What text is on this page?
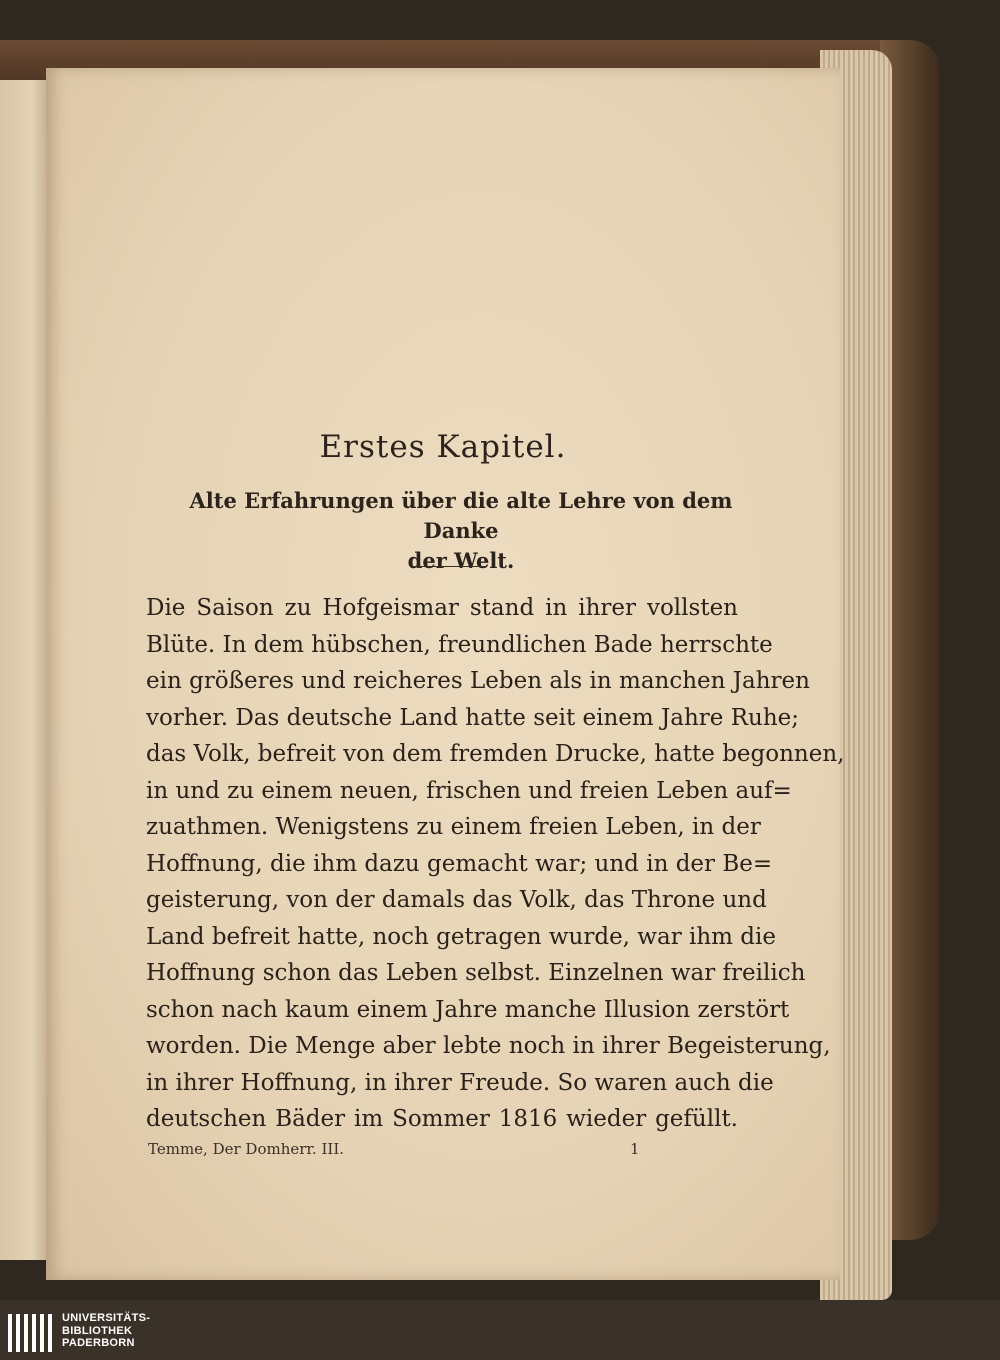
Erstes Kapitel.
Alte Erfahrungen über die alte Lehre von dem Danke
der Welt.
Die Saison zu Hofgeismar stand in ihrer vollsten
Blüte. In dem hübschen, freundlichen Bade herrschte
ein größeres und reicheres Leben als in manchen Jahren
vorher. Das deutsche Land hatte seit einem Jahre Ruhe;
das Volk, befreit von dem fremden Drucke, hatte begonnen,
in und zu einem neuen, frischen und freien Leben auf=
zuathmen. Wenigstens zu einem freien Leben, in der
Hoffnung, die ihm dazu gemacht war; und in der Be=
geisterung, von der damals das Volk, das Throne und
Land befreit hatte, noch getragen wurde, war ihm die
Hoffnung schon das Leben selbst. Einzelnen war freilich
schon nach kaum einem Jahre manche Illusion zerstört
worden. Die Menge aber lebte noch in ihrer Begeisterung,
in ihrer Hoffnung, in ihrer Freude. So waren auch die
deutschen Bäder im Sommer 1816 wieder gefüllt.
Temme, Der Domherr. III.	1
UNIVERSITÄTS-
BIBLIOTHEK
PADERBORN
